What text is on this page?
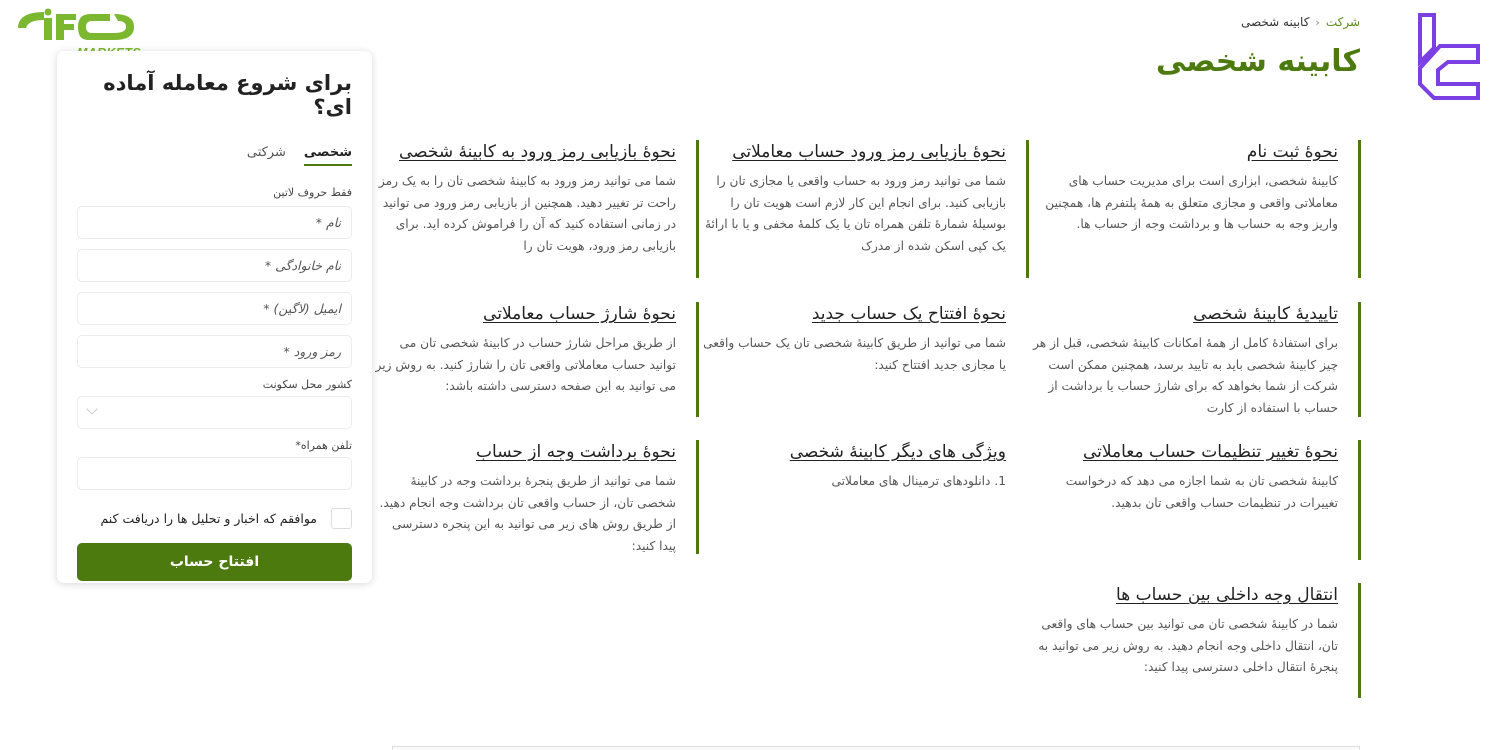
شرکت
‹
کابینه شخصی
کابینه شخصی
برای شروع معامله آماده ای؟
شخصی
شرکتی
فقط حروف لاتین
نام *
نام خانوادگی *
ایمیل (لاگین) *
رمز ورود *
کشور محل سکونت
تلفن همراه*
موافقم که اخبار و تحلیل ها را دریافت کنم
افتتاح حساب
نحوهٔ ثبت نام

کابینهٔ شخصی، ابزاری است برای مدیریت حساب های معاملاتی واقعی و مجازی متعلق به همهٔ پلتفرم ها، همچنین واریز وجه به حساب ها و برداشت وجه از حساب ها.

تاییدیهٔ کابینهٔ شخصی

برای استفادهٔ کامل از همهٔ امکانات کابینهٔ شخصی، قبل از هر چیز کابینهٔ شخصی باید به تایید برسد، همچنین ممکن است شرکت از شما بخواهد که برای شارژ حساب یا برداشت از حساب با استفاده از کارت

نحوهٔ تغییر تنظیمات حساب معاملاتی

کابینهٔ شخصی تان به شما اجازه می دهد که درخواست تغییرات در تنظیمات حساب واقعی تان بدهید.

انتقال وجه داخلی بین حساب ها

شما در کابینهٔ شخصی تان می توانید بین حساب های واقعی تان، انتقال داخلی وجه انجام دهید. به روش زیر می توانید به پنجرهٔ انتقال داخلی دسترسی پیدا کنید:

نحوهٔ بازیابی رمز ورود حساب معاملاتی

شما می توانید رمز ورود به حساب واقعی یا مجازی تان را بازیابی کنید. برای انجام این کار لازم است هویت تان را بوسیلهٔ شمارهٔ تلفن همراه تان یا یک کلمهٔ مخفی و یا با ارائهٔ یک کپی اسکن شده از مدرک

نحوهٔ افتتاح یک حساب جدید

شما می توانید از طریق کابینهٔ شخصی تان یک حساب واقعی یا مجازی جدید افتتاح کنید:

ویژگی های دیگر کابینهٔ شخصی

1. دانلودهای ترمینال های معاملاتی

نحوهٔ بازیابی رمز ورود به کابینهٔ شخصی

شما می توانید رمز ورود به کابینهٔ شخصی تان را به یک رمز راحت تر تغییر دهید. همچنین از بازیابی رمز ورود می توانید در زمانی استفاده کنید که آن را فراموش کرده اید. برای بازیابی رمز ورود، هویت تان را

نحوهٔ شارژ حساب معاملاتی

از طریق مراحل شارژ حساب در کابینهٔ شخصی تان می توانید حساب معاملاتی واقعی تان را شارژ کنید. به روش زیر می توانید به این صفحه دسترسی داشته باشد:

نحوهٔ برداشت وجه از حساب

شما می توانید از طریق پنجرهٔ برداشت وجه در کابینهٔ شخصی تان، از حساب واقعی تان برداشت وجه انجام دهید. از طریق روش های زیر می توانید به این پنجره دسترسی پیدا کنید:
